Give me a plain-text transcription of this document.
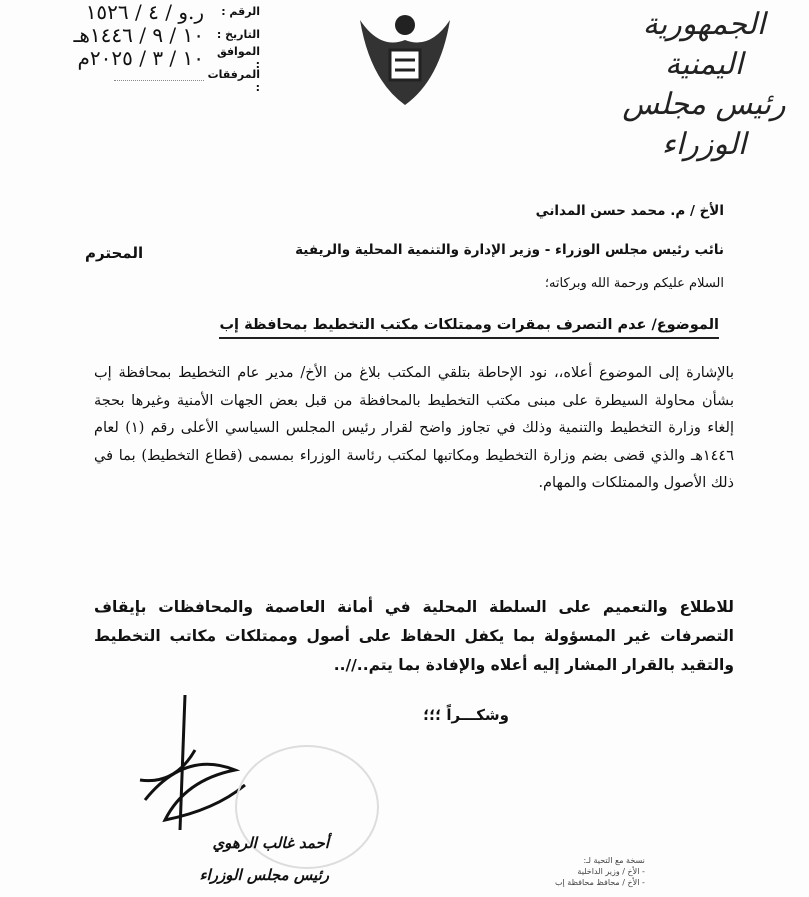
الجمهورية اليمنية
رئيس مجلس الوزراء
الرقم :
ر.و / ٤ / ١٥٢٦
التاريخ :
١٠ / ٩ / ١٤٤٦هـ
الموافق :
١٠ / ٣ / ٢٠٢٥م
المرفقات :
الأخ / م. محمد حسن المداني
نائب رئيس مجلس الوزراء - وزير الإدارة والتنمية المحلية والريفية
المحترم
السلام عليكم ورحمة الله وبركاته؛
الموضوع/ عدم التصرف بمقرات وممتلكات مكتب التخطيط بمحافظة إب
بالإشارة إلى الموضوع أعلاه،، نود الإحاطة بتلقي المكتب بلاغ من الأخ/ مدير عام التخطيط بمحافظة إب بشأن محاولة السيطرة على مبنى مكتب التخطيط بالمحافظة من قبل بعض الجهات الأمنية وغيرها بحجة إلغاء وزارة التخطيط والتنمية وذلك في تجاوز واضح لقرار رئيس المجلس السياسي الأعلى رقم (١) لعام ١٤٤٦هـ والذي قضى بضم وزارة التخطيط ومكاتبها لمكتب رئاسة الوزراء بمسمى (قطاع التخطيط) بما في ذلك الأصول والممتلكات والمهام.
للاطلاع والتعميم على السلطة المحلية في أمانة العاصمة والمحافظات بإيقاف التصرفات غير المسؤولة بما يكفل الحفاظ على أصول وممتلكات مكاتب التخطيط والتقيد بالقرار المشار إليه أعلاه والإفادة بما يتم..//..
وشكـــراً ؛؛؛
أحمد غالب الرهوي
رئيس مجلس الوزراء
نسخة مع التحية لـ:
- الأخ / وزير الداخلية
- الأخ / محافظ محافظة إب
